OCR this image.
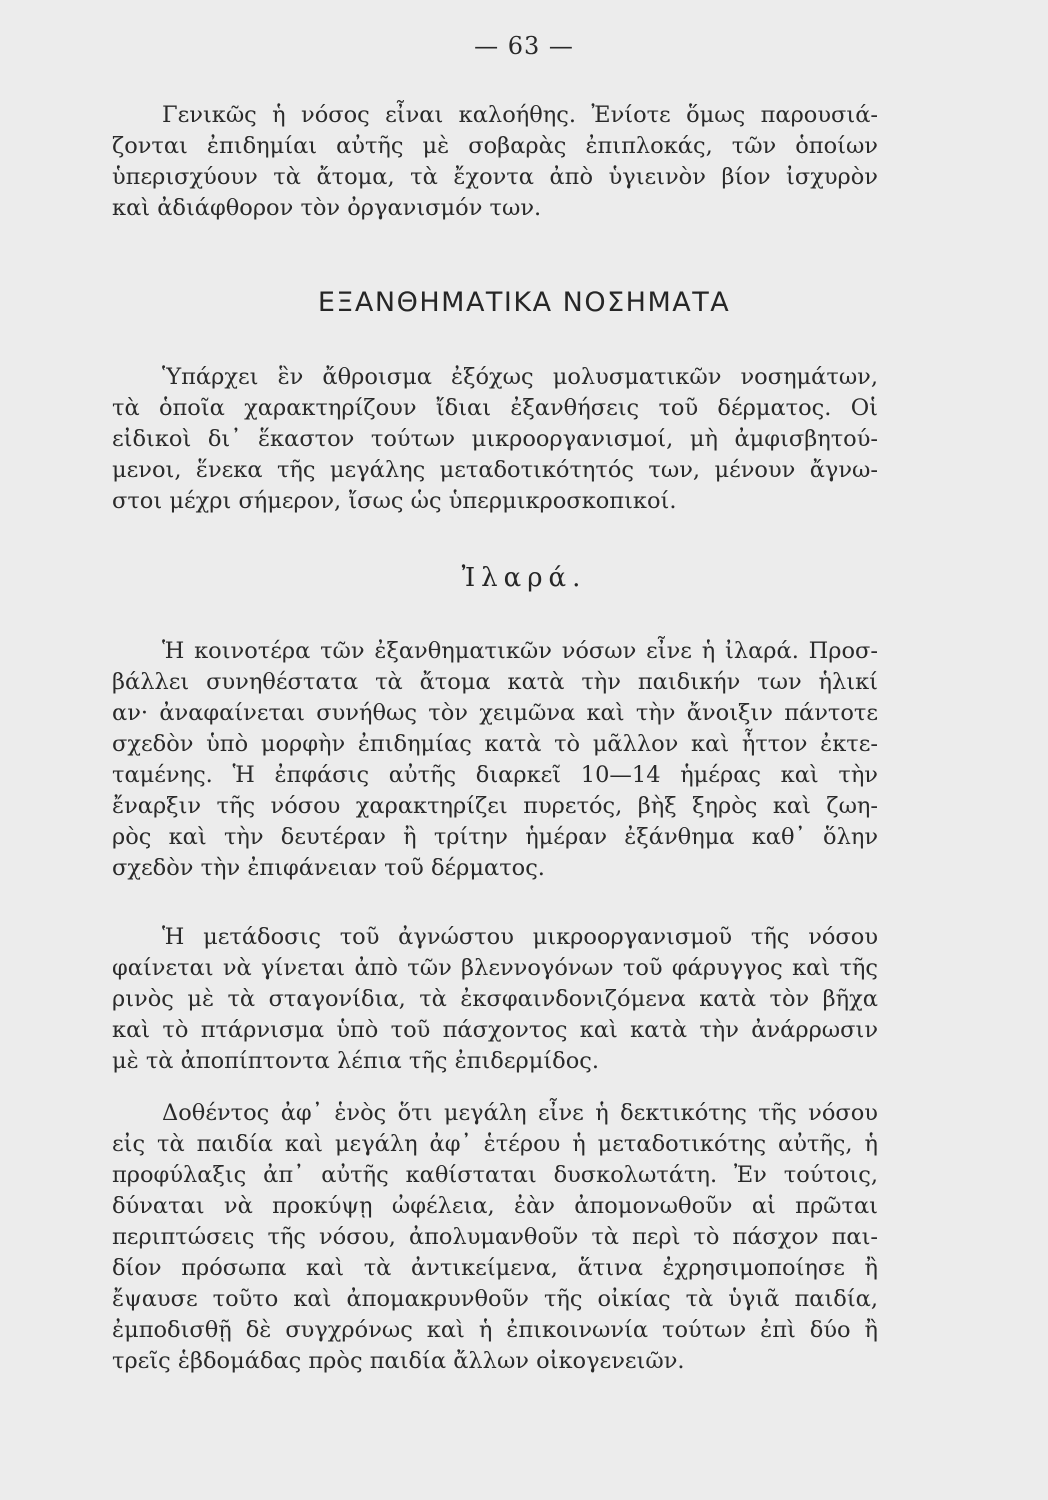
— 63 —
Γενικῶς ἡ νόσος εἶναι καλοήθης. Ἐνίοτε ὅμως παρουσιά-
ζονται ἐπιδημίαι αὐτῆς μὲ σοβαρὰς ἐπιπλοκάς, τῶν ὁποίων
ὑπερισχύουν τὰ ἄτομα, τὰ ἔχοντα ἀπὸ ὑγιεινὸν βίον ἰσχυρὸν
καὶ ἀδιάφθορον τὸν ὀργανισμόν των.
ΕΞΑΝΘΗΜΑΤΙΚΑ ΝΟΣΗΜΑΤΑ
Ὑπάρχει ἓν ἄθροισμα ἐξόχως μολυσματικῶν νοσημάτων,
τὰ ὁποῖα χαρακτηρίζουν ἴδιαι ἐξανθήσεις τοῦ δέρματος. Οἱ
εἰδικοὶ δι᾽ ἕκαστον τούτων μικροοργανισμοί, μὴ ἀμφισβητού-
μενοι, ἕνεκα τῆς μεγάλης μεταδοτικότητός των, μένουν ἄγνω-
στοι μέχρι σήμερον, ἴσως ὡς ὑπερμικροσκοπικοί.
Ἰλαρά.
Ἡ κοινοτέρα τῶν ἐξανθηματικῶν νόσων εἶνε ἡ ἰλαρά. Προσ-
βάλλει συνηθέστατα τὰ ἄτομα κατὰ τὴν παιδικήν των ἡλικί
αν· ἀναφαίνεται συνήθως τὸν χειμῶνα καὶ τὴν ἄνοιξιν πάντοτε
σχεδὸν ὑπὸ μορφὴν ἐπιδημίας κατὰ τὸ μᾶλλον καὶ ἧττον ἐκτε-
ταμένης. Ἡ ἐπφάσις αὐτῆς διαρκεῖ 10—14 ἡμέρας καὶ τὴν
ἔναρξιν τῆς νόσου χαρακτηρίζει πυρετός, βὴξ ξηρὸς καὶ ζωη-
ρὸς καὶ τὴν δευτέραν ἢ τρίτην ἡμέραν ἐξάνθημα καθ᾽ ὅλην
σχεδὸν τὴν ἐπιφάνειαν τοῦ δέρματος.
Ἡ μετάδοσις τοῦ ἀγνώστου μικροοργανισμοῦ τῆς νόσου
φαίνεται νὰ γίνεται ἀπὸ τῶν βλεννογόνων τοῦ φάρυγγος καὶ τῆς
ρινὸς μὲ τὰ σταγονίδια, τὰ ἐκσφαινδονιζόμενα κατὰ τὸν βῆχα
καὶ τὸ πτάρνισμα ὑπὸ τοῦ πάσχοντος καὶ κατὰ τὴν ἀνάρρωσιν
μὲ τὰ ἀποπίπτοντα λέπια τῆς ἐπιδερμίδος.
Δοθέντος ἀφ᾽ ἑνὸς ὅτι μεγάλη εἶνε ἡ δεκτικότης τῆς νόσου
εἰς τὰ παιδία καὶ μεγάλη ἀφ᾽ ἑτέρου ἡ μεταδοτικότης αὐτῆς, ἡ
προφύλαξις ἀπ᾽ αὐτῆς καθίσταται δυσκολωτάτη. Ἐν τούτοις,
δύναται νὰ προκύψῃ ὠφέλεια, ἐὰν ἀπομονωθοῦν αἱ πρῶται
περιπτώσεις τῆς νόσου, ἀπολυμανθοῦν τὰ περὶ τὸ πάσχον παι-
δίον πρόσωπα καὶ τὰ ἀντικείμενα, ἅτινα ἐχρησιμοποίησε ἢ
ἔψαυσε τοῦτο καὶ ἀπομακρυνθοῦν τῆς οἰκίας τὰ ὑγιᾶ παιδία,
ἐμποδισθῇ δὲ συγχρόνως καὶ ἡ ἐπικοινωνία τούτων ἐπὶ δύο ἢ
τρεῖς ἑβδομάδας πρὸς παιδία ἄλλων οἰκογενειῶν.
